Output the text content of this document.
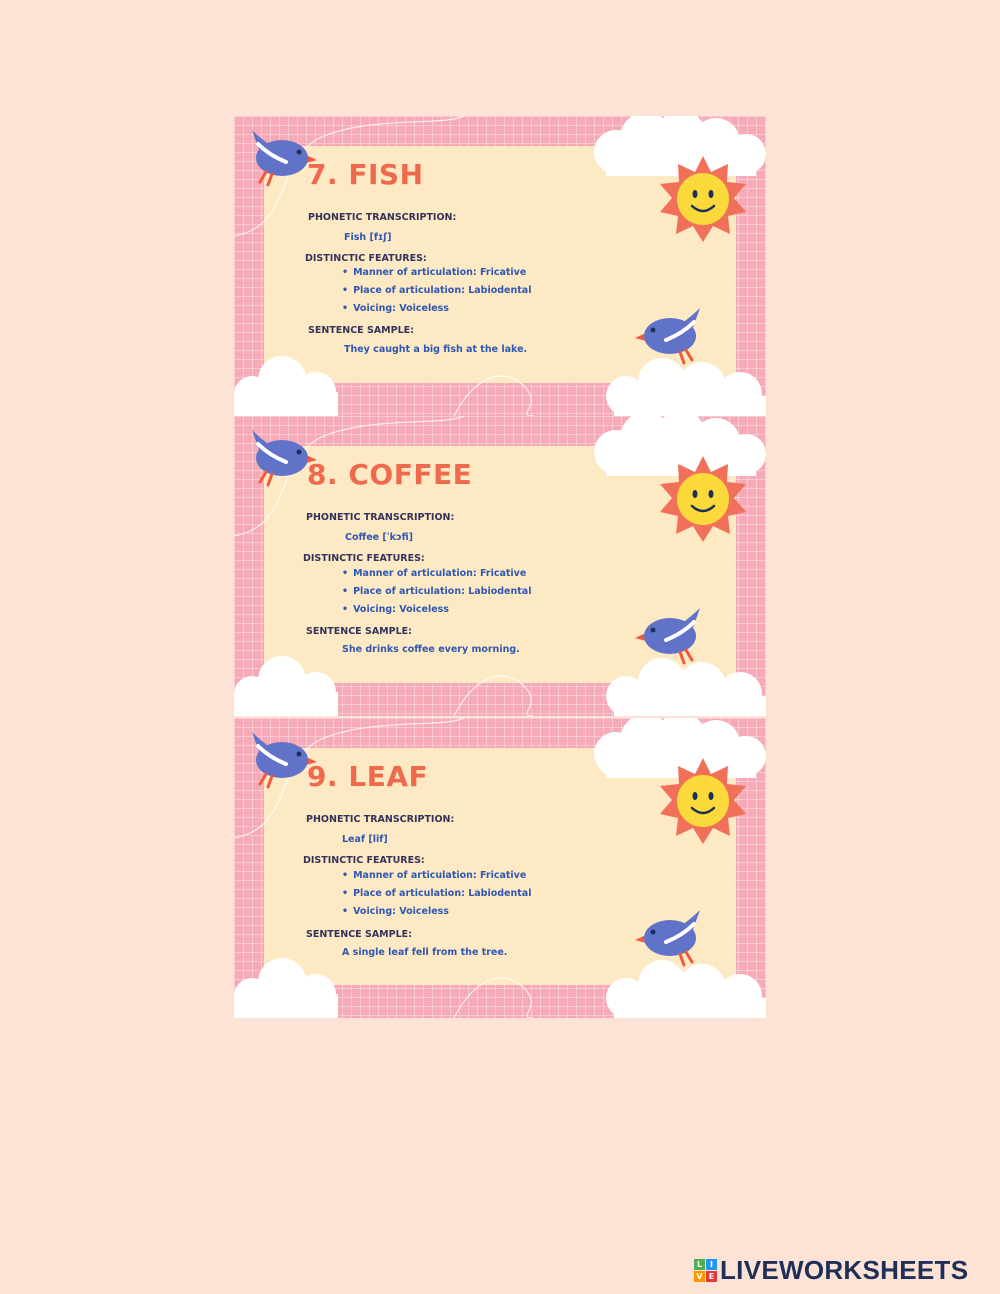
7. FISH
PHONETIC TRANSCRIPTION:
Fish [fɪʃ]
DISTINCTIC FEATURES:
• Manner of articulation: Fricative
• Place of articulation: Labiodental
• Voicing: Voiceless
SENTENCE SAMPLE:
They caught a big fish at the lake.
8. COFFEE
PHONETIC TRANSCRIPTION:
Coffee [ˈkɔfi]
DISTINCTIC FEATURES:
• Manner of articulation: Fricative
• Place of articulation: Labiodental
• Voicing: Voiceless
SENTENCE SAMPLE:
She drinks coffee every morning.
9. LEAF
PHONETIC TRANSCRIPTION:
Leaf [lif]
DISTINCTIC FEATURES:
• Manner of articulation: Fricative
• Place of articulation: Labiodental
• Voicing: Voiceless
SENTENCE SAMPLE:
A single leaf fell from the tree.
L I
V E LIVEWORKSHEETS
